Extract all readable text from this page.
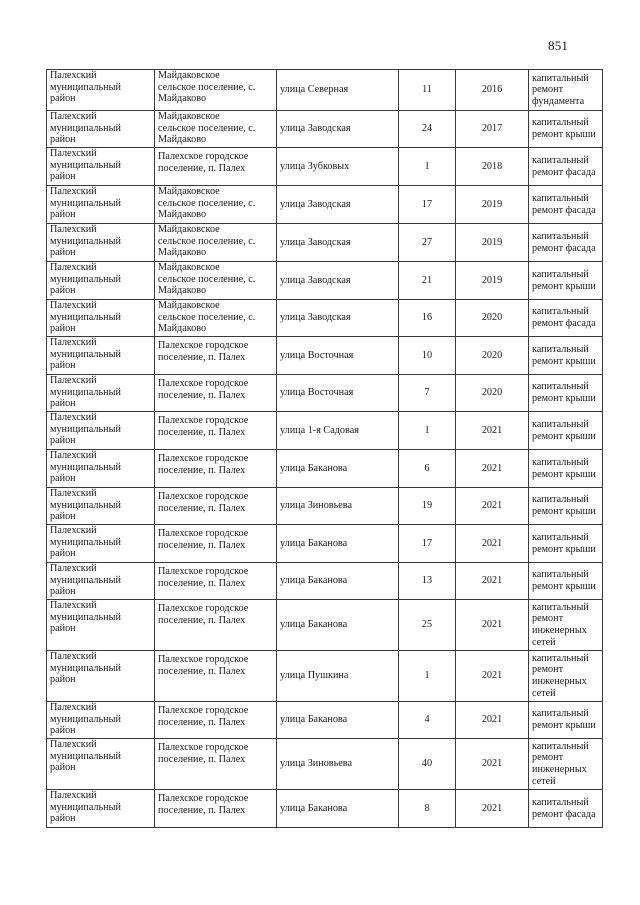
851
Палехский муниципальный район	Майдаковское сельское поселение, с. Майдаково	улица Северная	11	2016	капитальный ремонт фундамента

Палехский муниципальный район	Майдаковское сельское поселение, с. Майдаково	улица Заводская	24	2017	капитальный ремонт крыши

Палехский муниципальный район	Палехское городское поселение, п. Палех	улица Зубковых	1	2018	капитальный ремонт фасада

Палехский муниципальный район	Майдаковское сельское поселение, с. Майдаково	улица Заводская	17	2019	капитальный ремонт фасада

Палехский муниципальный район	Майдаковское сельское поселение, с. Майдаково	улица Заводская	27	2019	капитальный ремонт фасада

Палехский муниципальный район	Майдаковское сельское поселение, с. Майдаково	улица Заводская	21	2019	капитальный ремонт крыши

Палехский муниципальный район	Майдаковское сельское поселение, с. Майдаково	улица Заводская	16	2020	капитальный ремонт фасада

Палехский муниципальный район	Палехское городское поселение, п. Палех	улица Восточная	10	2020	капитальный ремонт крыши

Палехский муниципальный район	Палехское городское поселение, п. Палех	улица Восточная	7	2020	капитальный ремонт крыши

Палехский муниципальный район	Палехское городское поселение, п. Палех	улица 1-я Садовая	1	2021	капитальный ремонт крыши

Палехский муниципальный район	Палехское городское поселение, п. Палех	улица Баканова	6	2021	капитальный ремонт крыши

Палехский муниципальный район	Палехское городское поселение, п. Палех	улица Зиновьева	19	2021	капитальный ремонт крыши

Палехский муниципальный район	Палехское городское поселение, п. Палех	улица Баканова	17	2021	капитальный ремонт крыши

Палехский муниципальный район	Палехское городское поселение, п. Палех	улица Баканова	13	2021	капитальный ремонт крыши

Палехский муниципальный район	Палехское городское поселение, п. Палех	улица Баканова	25	2021	капитальный ремонт инженерных сетей

Палехский муниципальный район	Палехское городское поселение, п. Палех	улица Пушкина	1	2021	капитальный ремонт инженерных сетей

Палехский муниципальный район	Палехское городское поселение, п. Палех	улица Баканова	4	2021	капитальный ремонт крыши

Палехский муниципальный район	Палехское городское поселение, п. Палех	улица Зиновьева	40	2021	капитальный ремонт инженерных сетей

Палехский муниципальный район	Палехское городское поселение, п. Палех	улица Баканова	8	2021	капитальный ремонт фасада
